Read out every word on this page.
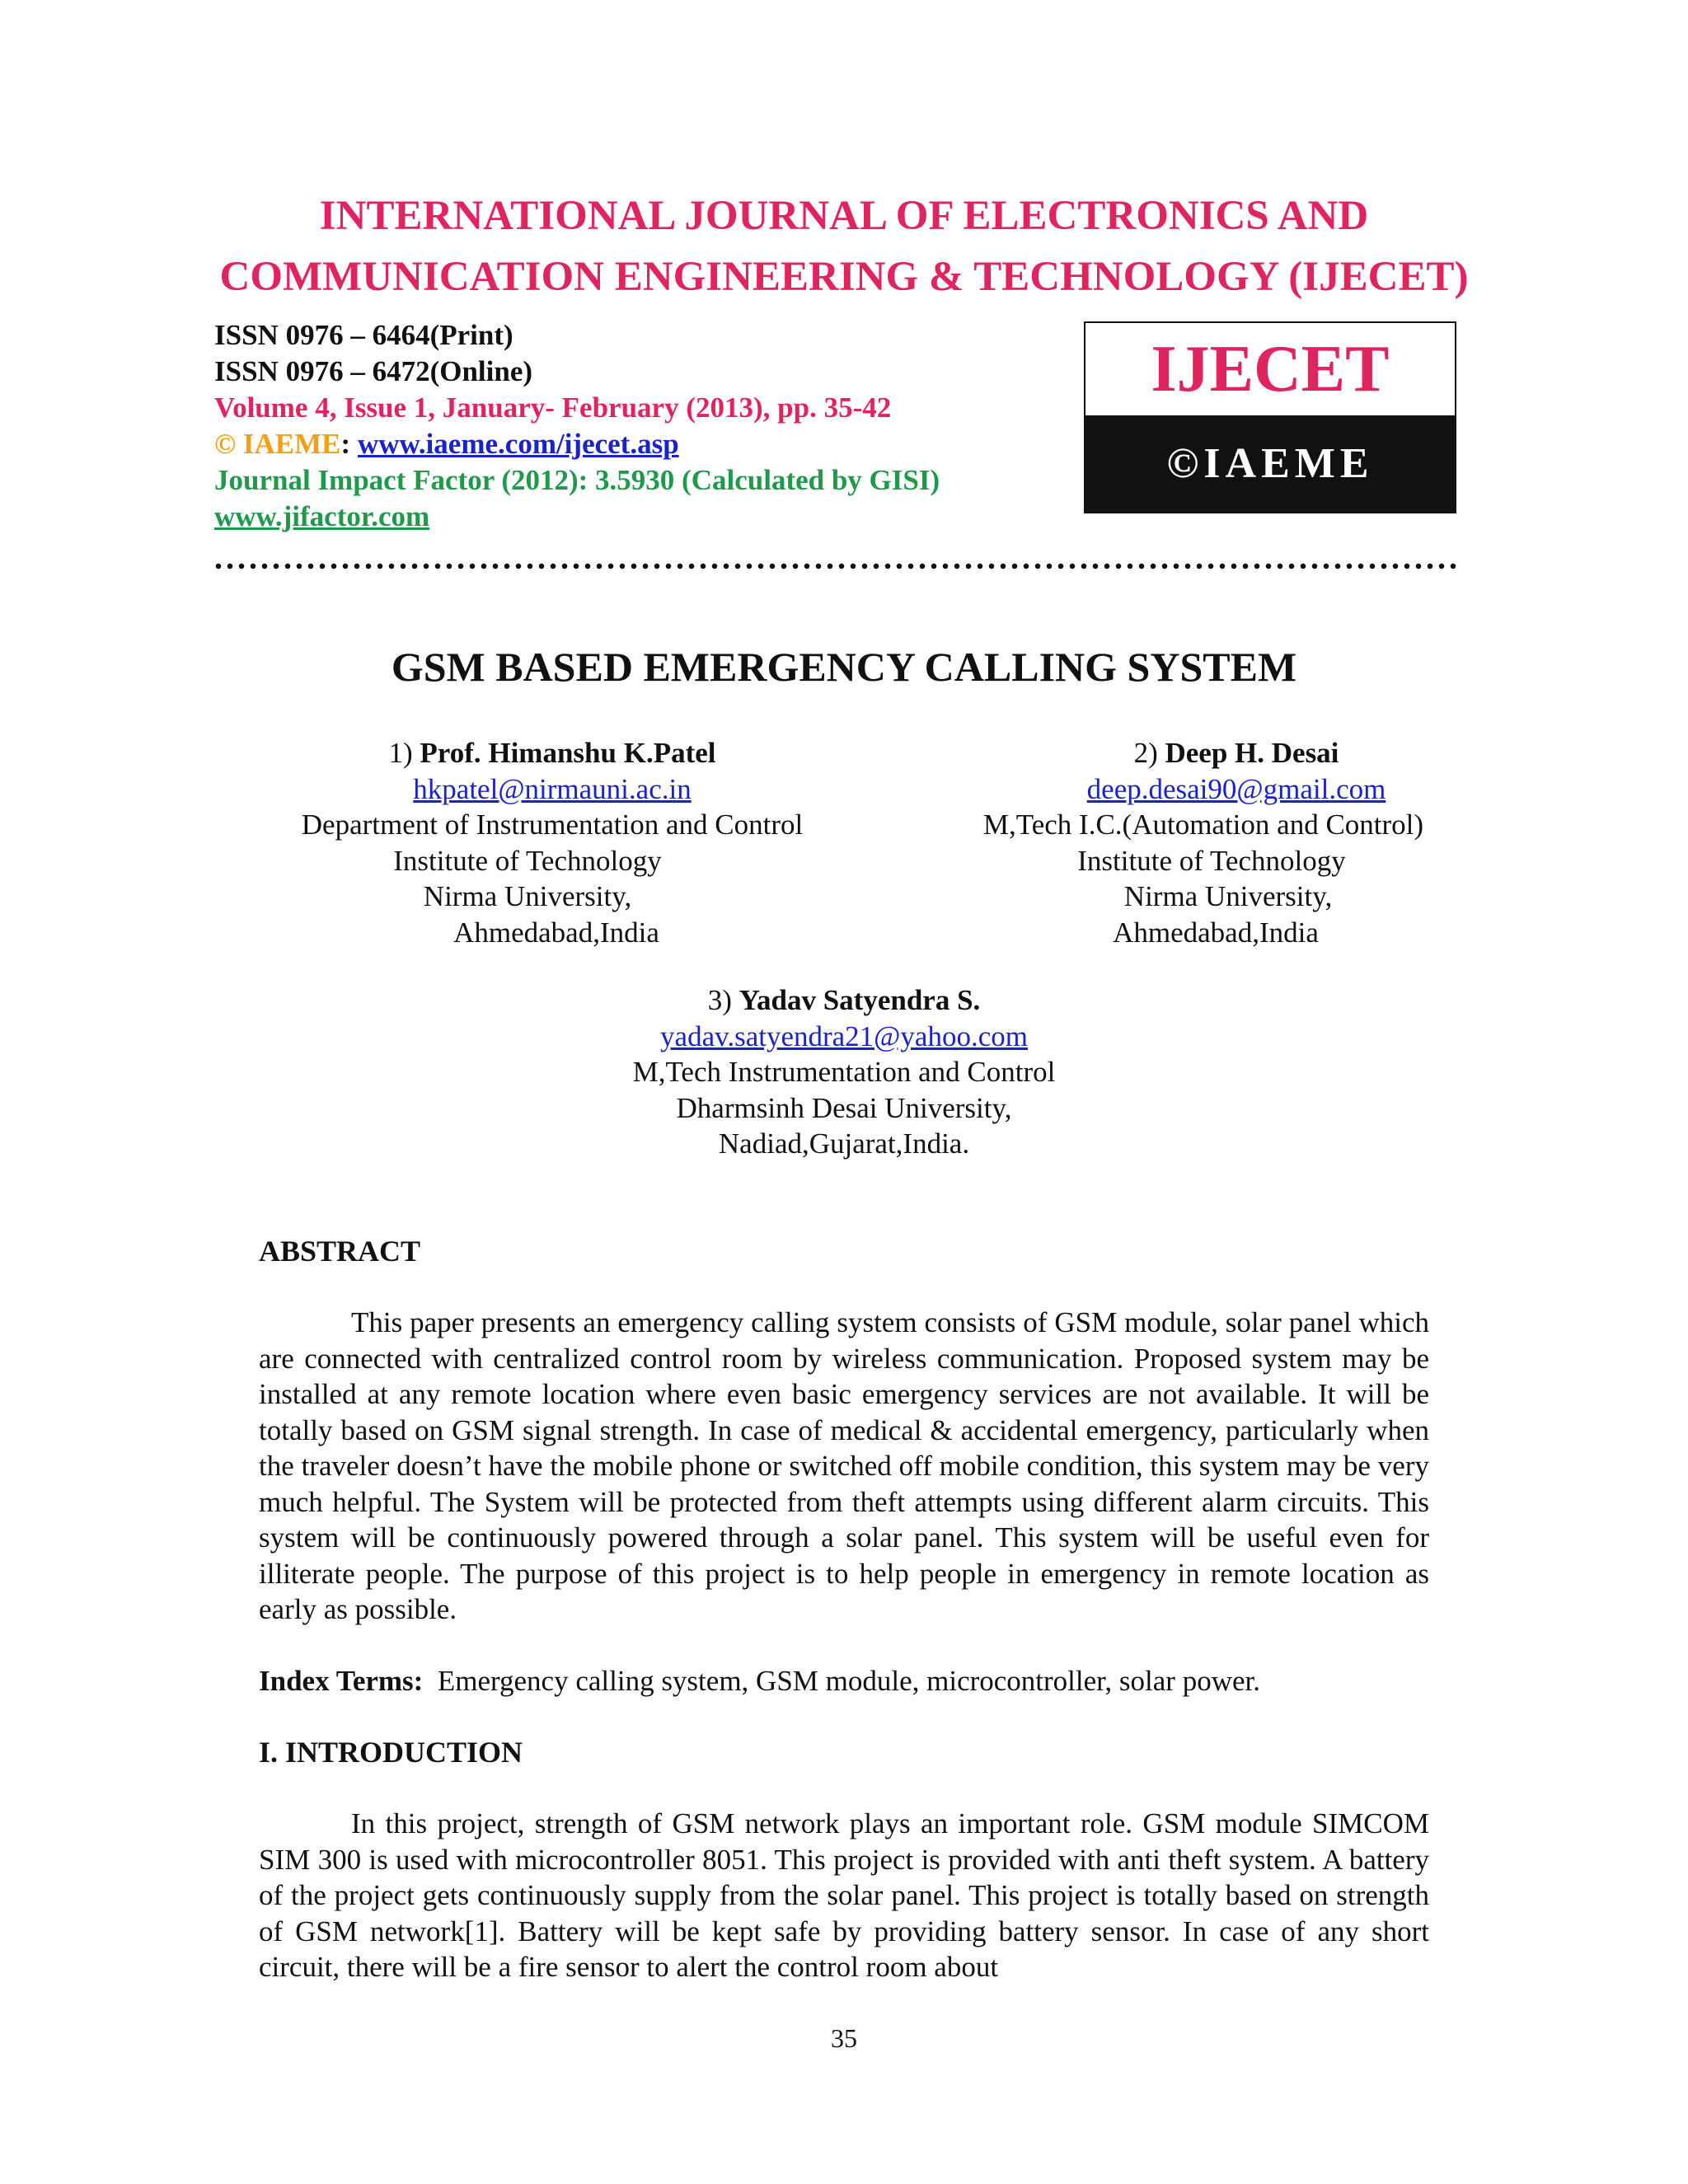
INTERNATIONAL JOURNAL OF ELECTRONICS AND
COMMUNICATION ENGINEERING & TECHNOLOGY (IJECET)
ISSN 0976 – 6464(Print)
ISSN 0976 – 6472(Online)
Volume 4, Issue 1, January- February (2013), pp. 35-42
© IAEME: www.iaeme.com/ijecet.asp
Journal Impact Factor (2012): 3.5930 (Calculated by GISI)
www.jifactor.com
IJECET
©IAEME
GSM BASED EMERGENCY CALLING SYSTEM
1) Prof. Himanshu K.Patel
hkpatel@nirmauni.ac.in
Department of Instrumentation and Control
Institute of Technology
Nirma University,
Ahmedabad,India
2) Deep H. Desai
deep.desai90@gmail.com
M,Tech I.C.(Automation and Control)
Institute of Technology
Nirma University,
Ahmedabad,India
3) Yadav Satyendra S.
yadav.satyendra21@yahoo.com
M,Tech Instrumentation and Control
Dharmsinh Desai University,
Nadiad,Gujarat,India.
ABSTRACT
This paper presents an emergency calling system consists of GSM module, solar panel which are connected with centralized control room by wireless communication. Proposed system may be installed at any remote location where even basic emergency services are not available. It will be totally based on GSM signal strength. In case of medical & accidental emergency, particularly when the traveler doesn’t have the mobile phone or switched off mobile condition, this system may be very much helpful. The System will be protected from theft attempts using different alarm circuits. This system will be continuously powered through a solar panel. This system will be useful even for illiterate people. The purpose of this project is to help people in emergency in remote location as early as possible.
Index Terms:  Emergency calling system, GSM module, microcontroller, solar power.
I. INTRODUCTION
In this project, strength of GSM network plays an important role. GSM module SIMCOM SIM 300 is used with microcontroller 8051. This project is provided with anti theft system. A battery of the project gets continuously supply from the solar panel. This project is totally based on strength of GSM network[1]. Battery will be kept safe by providing battery sensor. In case of any short circuit, there will be a fire sensor to alert the control room about
35
